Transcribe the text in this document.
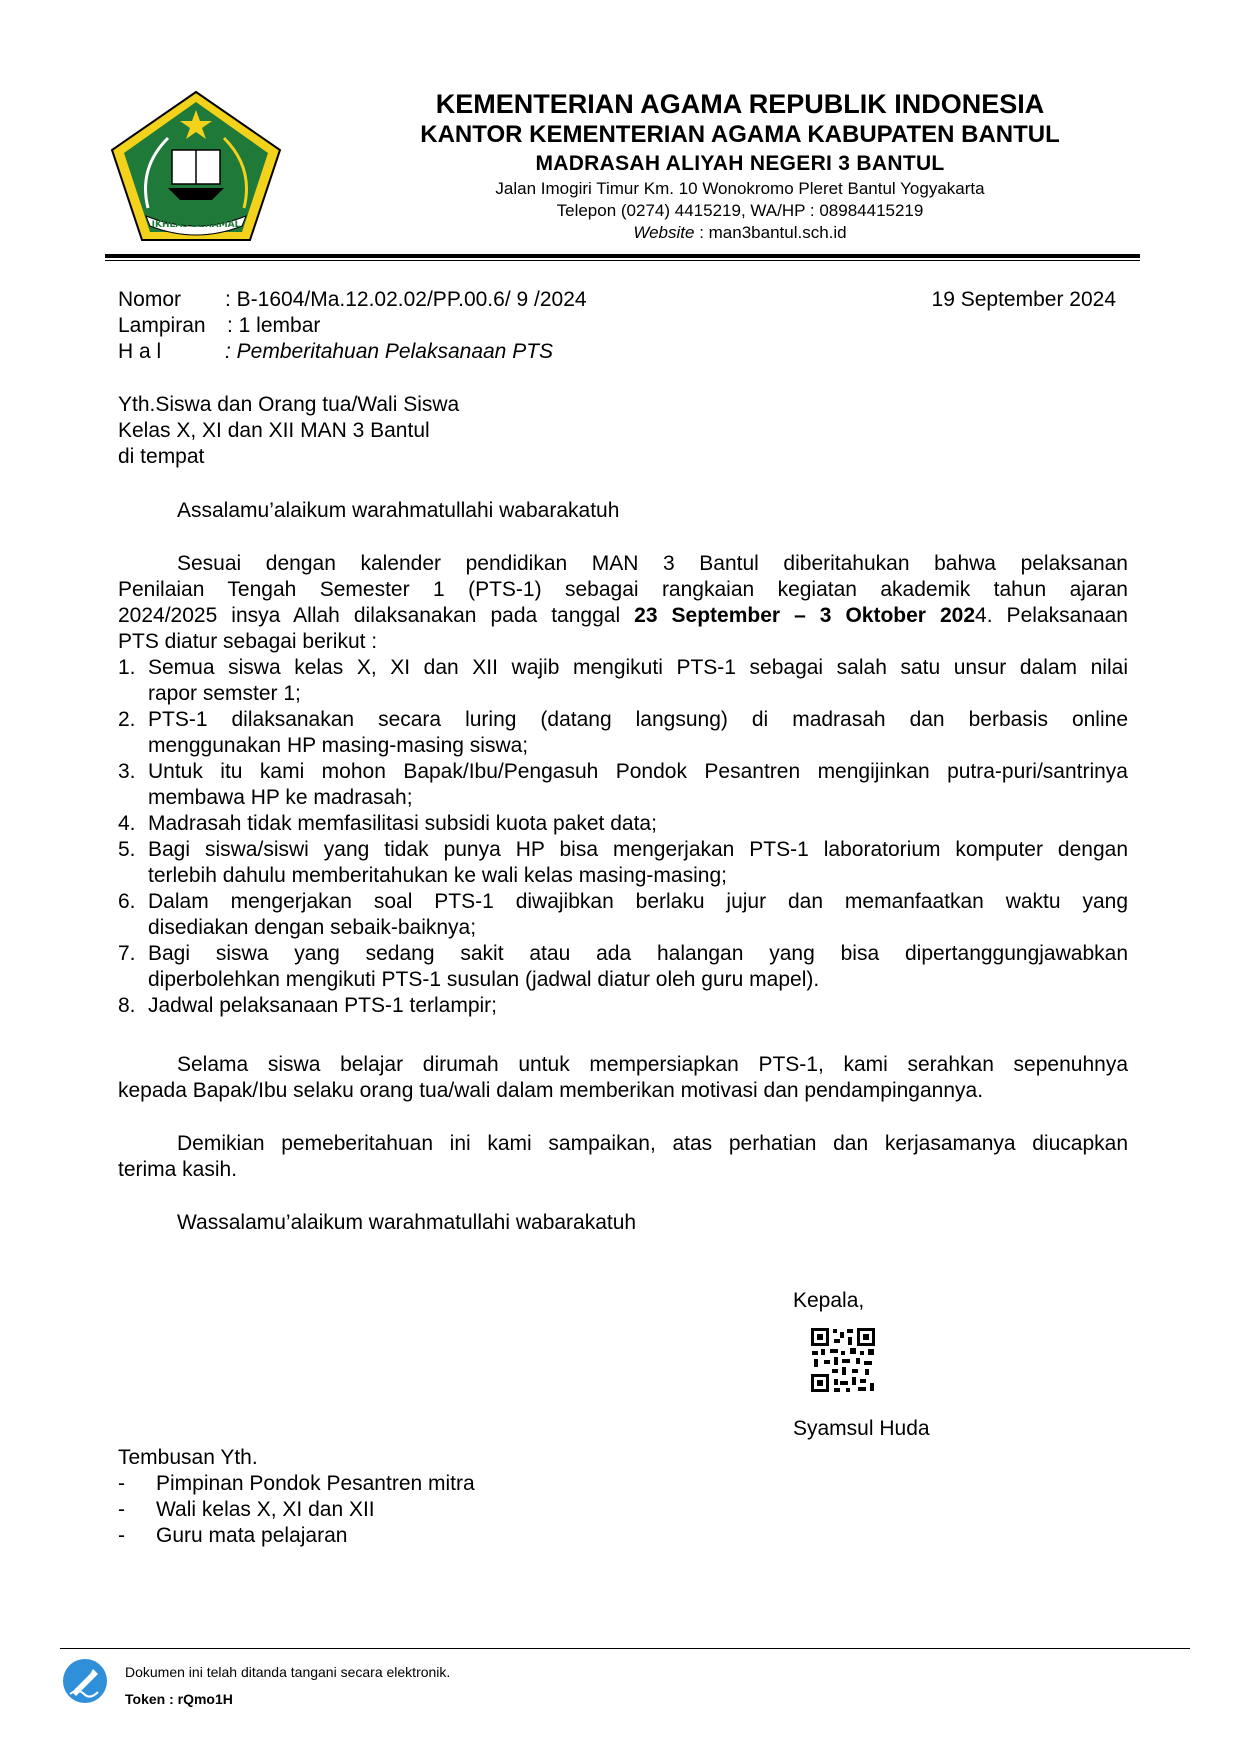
IKHLAS BERAMAL
KEMENTERIAN AGAMA REPUBLIK INDONESIA
KANTOR KEMENTERIAN AGAMA KABUPATEN BANTUL
MADRASAH ALIYAH NEGERI 3 BANTUL
Jalan Imogiri Timur Km. 10 Wonokromo Pleret Bantul Yogyakarta
Telepon (0274) 4415219, WA/HP : 08984415219
Website : man3bantul.sch.id
Nomor : B-1604/Ma.12.02.02/PP.00.6/ 9 /2024	19 September 2024
Lampiran : 1 lembar
H a l	: Pemberitahuan Pelaksanaan PTS
Yth.Siswa dan Orang tua/Wali Siswa
Kelas X, XI dan XII MAN 3 Bantul
di tempat
Assalamu’alaikum warahmatullahi wabarakatuh
Sesuai dengan kalender pendidikan MAN 3 Bantul diberitahukan bahwa pelaksanan
Penilaian Tengah Semester 1 (PTS-1) sebagai rangkaian kegiatan akademik tahun ajaran
2024/2025 insya Allah dilaksanakan pada tanggal 23 September – 3 Oktober 2024. Pelaksanaan
PTS diatur sebagai berikut :
1. Semua siswa kelas X, XI dan XII wajib mengikuti PTS-1 sebagai salah satu unsur dalam nilai
rapor semster 1;
2. PTS-1 dilaksanakan secara luring (datang langsung) di madrasah dan berbasis online
menggunakan HP masing-masing siswa;
3. Untuk itu kami mohon Bapak/Ibu/Pengasuh Pondok Pesantren mengijinkan putra-puri/santrinya
membawa HP ke madrasah;
4. Madrasah tidak memfasilitasi subsidi kuota paket data;
5. Bagi siswa/siswi yang tidak punya HP bisa mengerjakan PTS-1 laboratorium komputer dengan
terlebih dahulu memberitahukan ke wali kelas masing-masing;
6. Dalam mengerjakan soal PTS-1 diwajibkan berlaku jujur dan memanfaatkan waktu yang
disediakan dengan sebaik-baiknya;
7. Bagi siswa yang sedang sakit atau ada halangan yang bisa dipertanggungjawabkan
diperbolehkan mengikuti PTS-1 susulan (jadwal diatur oleh guru mapel).
8. Jadwal pelaksanaan PTS-1 terlampir;
Selama siswa belajar dirumah untuk mempersiapkan PTS-1, kami serahkan sepenuhnya
kepada Bapak/Ibu selaku orang tua/wali dalam memberikan motivasi dan pendampingannya.
Demikian pemeberitahuan ini kami sampaikan, atas perhatian dan kerjasamanya diucapkan
terima kasih.
Wassalamu’alaikum warahmatullahi wabarakatuh
Kepala,
Syamsul Huda
Tembusan Yth.
- Pimpinan Pondok Pesantren mitra
- Wali kelas X, XI dan XII
- Guru mata pelajaran
Dokumen ini telah ditanda tangani secara elektronik.
Token : rQmo1H
